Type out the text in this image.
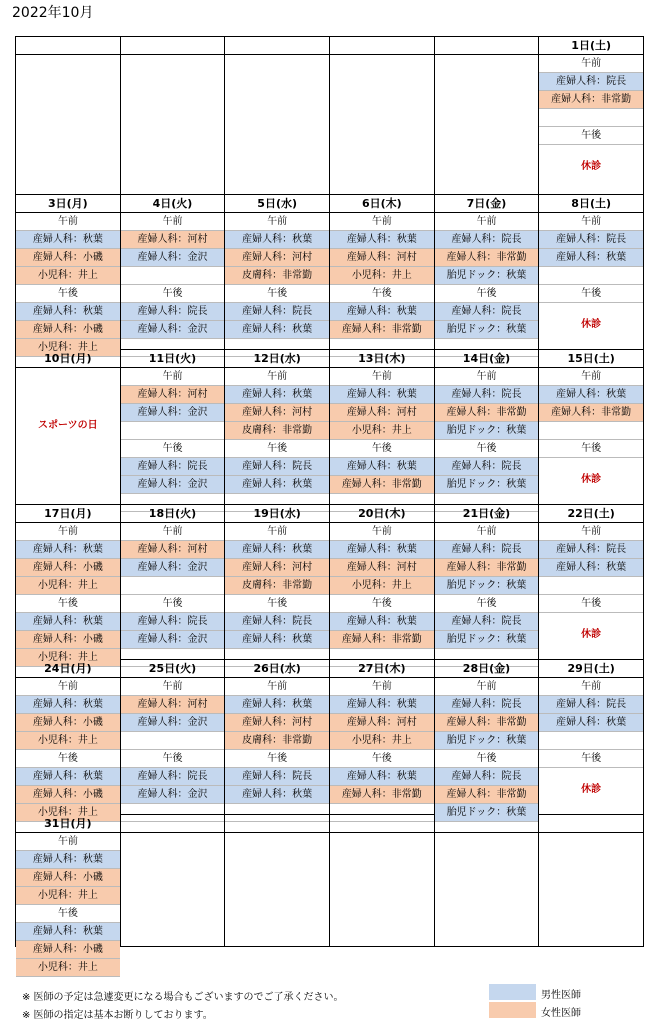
2022年10月
1日(土)
午前
産婦人科：院長
産婦人科：非常勤
午後
休診
3日(月)
午前
産婦人科：秋葉
産婦人科：小磯
小児科：井上
午後
産婦人科：秋葉
産婦人科：小磯
小児科：井上
4日(火)
午前
産婦人科：河村
産婦人科：金沢
午後
産婦人科：院長
産婦人科：金沢
5日(水)
午前
産婦人科：秋葉
産婦人科：河村
皮膚科：非常勤
午後
産婦人科：院長
産婦人科：秋葉
6日(木)
午前
産婦人科：秋葉
産婦人科：河村
小児科：井上
午後
産婦人科：秋葉
産婦人科：非常勤
7日(金)
午前
産婦人科：院長
産婦人科：非常勤
胎児ドック：秋葉
午後
産婦人科：院長
胎児ドック：秋葉
8日(土)
午前
産婦人科：院長
産婦人科：秋葉
午後
休診
10日(月)
スポーツの日
11日(火)
午前
産婦人科：河村
産婦人科：金沢
午後
産婦人科：院長
産婦人科：金沢
12日(水)
午前
産婦人科：秋葉
産婦人科：河村
皮膚科：非常勤
午後
産婦人科：院長
産婦人科：秋葉
13日(木)
午前
産婦人科：秋葉
産婦人科：河村
小児科：井上
午後
産婦人科：秋葉
産婦人科：非常勤
14日(金)
午前
産婦人科：院長
産婦人科：非常勤
胎児ドック：秋葉
午後
産婦人科：院長
胎児ドック：秋葉
15日(土)
午前
産婦人科：秋葉
産婦人科：非常勤
午後
休診
17日(月)
午前
産婦人科：秋葉
産婦人科：小磯
小児科：井上
午後
産婦人科：秋葉
産婦人科：小磯
小児科：井上
18日(火)
午前
産婦人科：河村
産婦人科：金沢
午後
産婦人科：院長
産婦人科：金沢
19日(水)
午前
産婦人科：秋葉
産婦人科：河村
皮膚科：非常勤
午後
産婦人科：院長
産婦人科：秋葉
20日(木)
午前
産婦人科：秋葉
産婦人科：河村
小児科：井上
午後
産婦人科：秋葉
産婦人科：非常勤
21日(金)
午前
産婦人科：院長
産婦人科：非常勤
胎児ドック：秋葉
午後
産婦人科：院長
胎児ドック：秋葉
22日(土)
午前
産婦人科：院長
産婦人科：秋葉
午後
休診
24日(月)
午前
産婦人科：秋葉
産婦人科：小磯
小児科：井上
午後
産婦人科：秋葉
産婦人科：小磯
小児科：井上
25日(火)
午前
産婦人科：河村
産婦人科：金沢
午後
産婦人科：院長
産婦人科：金沢
26日(水)
午前
産婦人科：秋葉
産婦人科：河村
皮膚科：非常勤
午後
産婦人科：院長
産婦人科：秋葉
27日(木)
午前
産婦人科：秋葉
産婦人科：河村
小児科：井上
午後
産婦人科：秋葉
産婦人科：非常勤
28日(金)
午前
産婦人科：院長
産婦人科：非常勤
胎児ドック：秋葉
午後
産婦人科：院長
産婦人科：非常勤
胎児ドック：秋葉
29日(土)
午前
産婦人科：院長
産婦人科：秋葉
午後
休診
31日(月)
午前
産婦人科：秋葉
産婦人科：小磯
小児科：井上
午後
産婦人科：秋葉
産婦人科：小磯
小児科：井上
※ 医師の予定は急遽変更になる場合もございますのでご了承ください。
※ 医師の指定は基本お断りしております。
男性医師
女性医師
